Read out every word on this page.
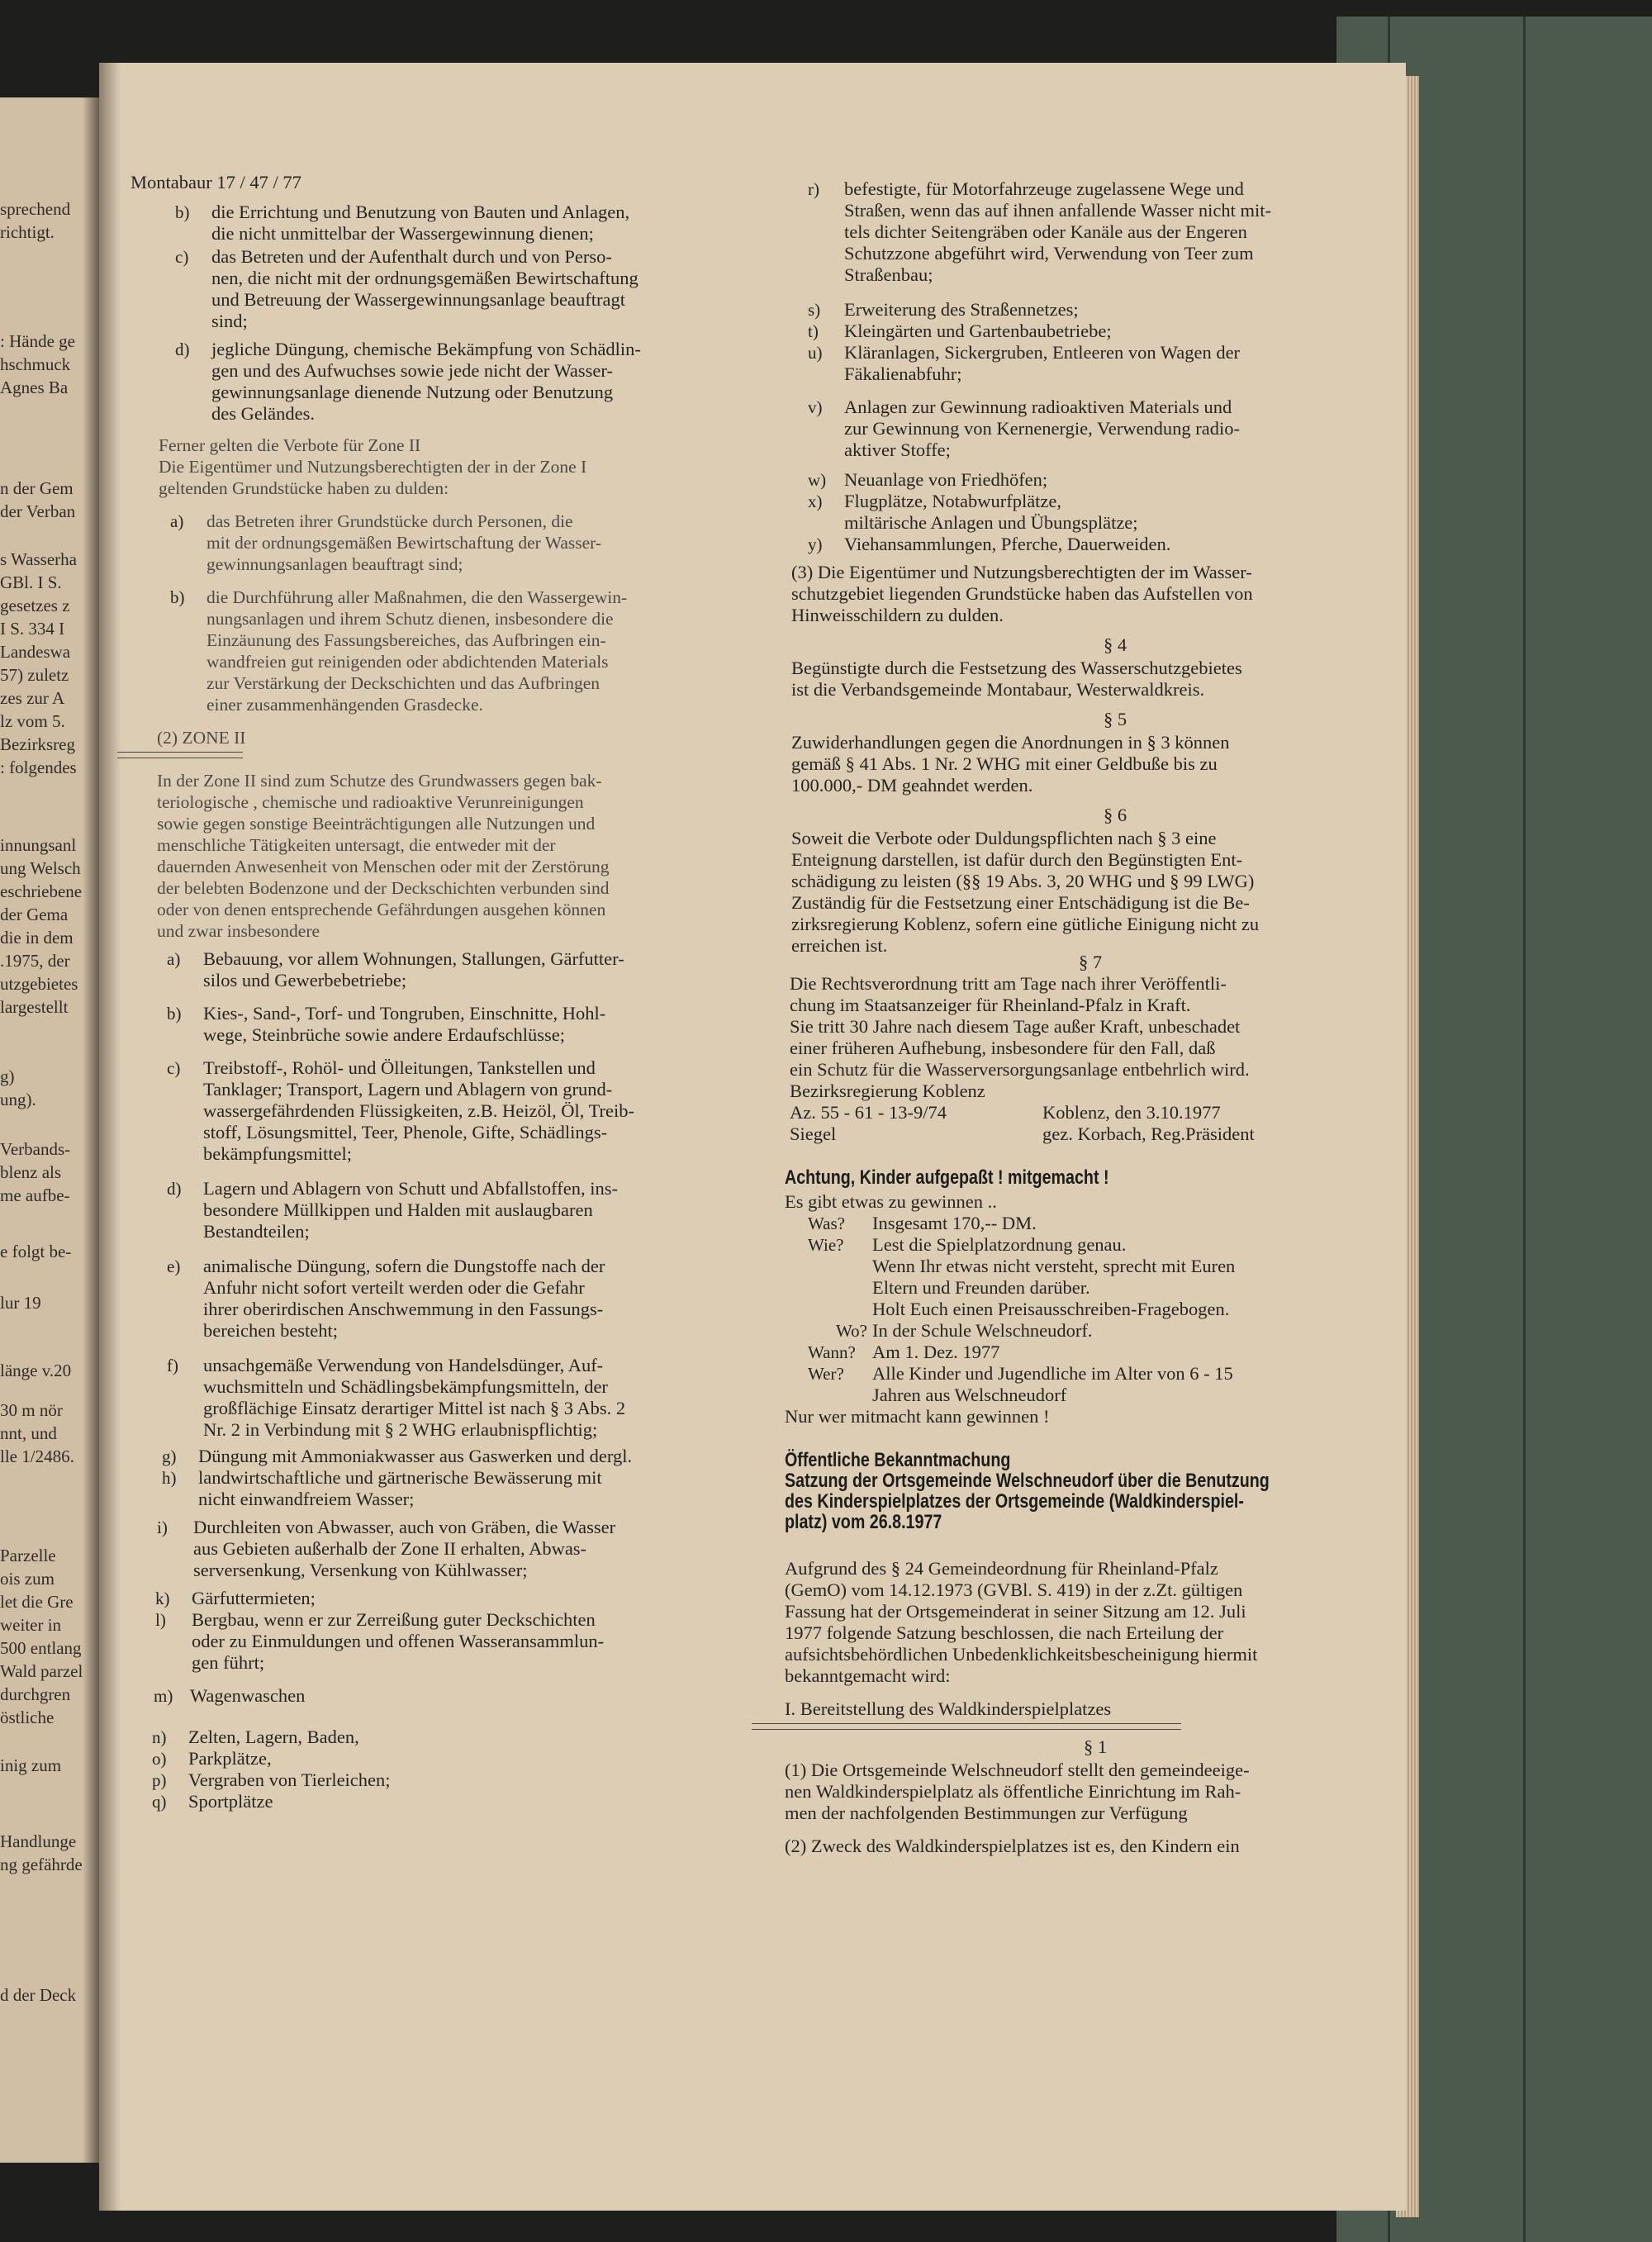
sprechend
richtigt.
: Hände ge
hschmuck
Agnes Ba
n der Gem
der Verban
s Wasserha
GBl. I S.
gesetzes z
I S. 334 I
Landeswa
57) zuletz
zes zur A
lz vom 5.
Bezirksreg
: folgendes
innungsanl
ung Welsch
eschriebene
der Gema
die in dem
.1975, der
utzgebietes
largestellt
g)
ung).
Verbands-
blenz als
me aufbe-
e folgt be-
lur 19
länge v.20
30 m nör
nnt, und
lle 1/2486.
Parzelle
ois zum
let die Gre
weiter in
500 entlang
Wald parzel
durchgren
östliche
inig zum
Handlunge
ng gefährde
d der Deck
Montabaur 17 / 47 / 77
b) die Errichtung und Benutzung von Bauten und Anlagen,
die nicht unmittelbar der Wassergewinnung dienen;
c) das Betreten und der Aufenthalt durch und von Perso-
nen, die nicht mit der ordnungsgemäßen Bewirtschaftung
und Betreuung der Wassergewinnungsanlage beauftragt
sind;
d) jegliche Düngung, chemische Bekämpfung von Schädlin-
gen und des Aufwuchses sowie jede nicht der Wasser-
gewinnungsanlage dienende Nutzung oder Benutzung
des Geländes.
Ferner gelten die Verbote für Zone II
Die Eigentümer und Nutzungsberechtigten der in der Zone I
geltenden Grundstücke haben zu dulden:
a) das Betreten ihrer Grundstücke durch Personen, die
mit der ordnungsgemäßen Bewirtschaftung der Wasser-
gewinnungsanlagen beauftragt sind;
b) die Durchführung aller Maßnahmen, die den Wassergewin-
nungsanlagen und ihrem Schutz dienen, insbesondere die
Einzäunung des Fassungsbereiches, das Aufbringen ein-
wandfreien gut reinigenden oder abdichtenden Materials
zur Verstärkung der Deckschichten und das Aufbringen
einer zusammenhängenden Grasdecke.
(2) ZONE II
In der Zone II sind zum Schutze des Grundwassers gegen bak-
teriologische , chemische und radioaktive Verunreinigungen
sowie gegen sonstige Beeinträchtigungen alle Nutzungen und
menschliche Tätigkeiten untersagt, die entweder mit der
dauernden Anwesenheit von Menschen oder mit der Zerstörung
der belebten Bodenzone und der Deckschichten verbunden sind
oder von denen entsprechende Gefährdungen ausgehen können
und zwar insbesondere
a) Bebauung, vor allem Wohnungen, Stallungen, Gärfutter-
silos und Gewerbebetriebe;
b) Kies-, Sand-, Torf- und Tongruben, Einschnitte, Hohl-
wege, Steinbrüche sowie andere Erdaufschlüsse;
c) Treibstoff-, Rohöl- und Ölleitungen, Tankstellen und
Tanklager; Transport, Lagern und Ablagern von grund-
wassergefährdenden Flüssigkeiten, z.B. Heizöl, Öl, Treib-
stoff, Lösungsmittel, Teer, Phenole, Gifte, Schädlings-
bekämpfungsmittel;
d) Lagern und Ablagern von Schutt und Abfallstoffen, ins-
besondere Müllkippen und Halden mit auslaugbaren
Bestandteilen;
e) animalische Düngung, sofern die Dungstoffe nach der
Anfuhr nicht sofort verteilt werden oder die Gefahr
ihrer oberirdischen Anschwemmung in den Fassungs-
bereichen besteht;
f) unsachgemäße Verwendung von Handelsdünger, Auf-
wuchsmitteln und Schädlingsbekämpfungsmitteln, der
großflächige Einsatz derartiger Mittel ist nach § 3 Abs. 2
Nr. 2 in Verbindung mit § 2 WHG erlaubnispflichtig;
g) Düngung mit Ammoniakwasser aus Gaswerken und dergl.
h) landwirtschaftliche und gärtnerische Bewässerung mit
nicht einwandfreiem Wasser;
i) Durchleiten von Abwasser, auch von Gräben, die Wasser
aus Gebieten außerhalb der Zone II erhalten, Abwas-
serversenkung, Versenkung von Kühlwasser;
k) Gärfuttermieten;
l) Bergbau, wenn er zur Zerreißung guter Deckschichten
oder zu Einmuldungen und offenen Wasseransammlun-
gen führt;
m) Wagenwaschen
n) Zelten, Lagern, Baden,
o) Parkplätze,
p) Vergraben von Tierleichen;
q) Sportplätze
r) befestigte, für Motorfahrzeuge zugelassene Wege und
Straßen, wenn das auf ihnen anfallende Wasser nicht mit-
tels dichter Seitengräben oder Kanäle aus der Engeren
Schutzzone abgeführt wird, Verwendung von Teer zum
Straßenbau;
s) Erweiterung des Straßennetzes;
t) Kleingärten und Gartenbaubetriebe;
u) Kläranlagen, Sickergruben, Entleeren von Wagen der
Fäkalienabfuhr;
v) Anlagen zur Gewinnung radioaktiven Materials und
zur Gewinnung von Kernenergie, Verwendung radio-
aktiver Stoffe;
w) Neuanlage von Friedhöfen;
x) Flugplätze, Notabwurfplätze,
miltärische Anlagen und Übungsplätze;
y) Viehansammlungen, Pferche, Dauerweiden.
(3) Die Eigentümer und Nutzungsberechtigten der im Wasser-
schutzgebiet liegenden Grundstücke haben das Aufstellen von
Hinweisschildern zu dulden.
§ 4
Begünstigte durch die Festsetzung des Wasserschutzgebietes
ist die Verbandsgemeinde Montabaur, Westerwaldkreis.
§ 5
Zuwiderhandlungen gegen die Anordnungen in § 3 können
gemäß § 41 Abs. 1 Nr. 2 WHG mit einer Geldbuße bis zu
100.000,- DM geahndet werden.
§ 6
Soweit die Verbote oder Duldungspflichten nach § 3 eine
Enteignung darstellen, ist dafür durch den Begünstigten Ent-
schädigung zu leisten (§§ 19 Abs. 3, 20 WHG und § 99 LWG)
Zuständig für die Festsetzung einer Entschädigung ist die Be-
zirksregierung Koblenz, sofern eine gütliche Einigung nicht zu
erreichen ist.
§ 7
Die Rechtsverordnung tritt am Tage nach ihrer Veröffentli-
chung im Staatsanzeiger für Rheinland-Pfalz in Kraft.
Sie tritt 30 Jahre nach diesem Tage außer Kraft, unbeschadet
einer früheren Aufhebung, insbesondere für den Fall, daß
ein Schutz für die Wasserversorgungsanlage entbehrlich wird.
Bezirksregierung Koblenz
Az. 55 - 61 - 13-9/74	Koblenz, den 3.10.1977
Siegel	gez. Korbach, Reg.Präsident
Es gibt etwas zu gewinnen ..
Was? Insgesamt 170,-- DM.
Wie? Lest die Spielplatzordnung genau.
Wenn Ihr etwas nicht versteht, sprecht mit Euren
Eltern und Freunden darüber.
Holt Euch einen Preisausschreiben-Fragebogen.
Wo? In der Schule Welschneudorf.
Wann? Am 1. Dez. 1977
Wer? Alle Kinder und Jugendliche im Alter von 6 - 15
Jahren aus Welschneudorf
Nur wer mitmacht kann gewinnen !
Aufgrund des § 24 Gemeindeordnung für Rheinland-Pfalz
(GemO) vom 14.12.1973 (GVBl. S. 419) in der z.Zt. gültigen
Fassung hat der Ortsgemeinderat in seiner Sitzung am 12. Juli
1977 folgende Satzung beschlossen, die nach Erteilung der
aufsichtsbehördlichen Unbedenklichkeitsbescheinigung hiermit
bekanntgemacht wird:
I. Bereitstellung des Waldkinderspielplatzes
§ 1
(1) Die Ortsgemeinde Welschneudorf stellt den gemeindeeige-
nen Waldkinderspielplatz als öffentliche Einrichtung im Rah-
men der nachfolgenden Bestimmungen zur Verfügung
(2) Zweck des Waldkinderspielplatzes ist es, den Kindern ein
Achtung, Kinder aufgepaßt ! mitgemacht !
Öffentliche Bekanntmachung
Satzung der Ortsgemeinde Welschneudorf über die Benutzung
des Kinderspielplatzes der Ortsgemeinde (Waldkinderspiel-
platz) vom 26.8.1977
